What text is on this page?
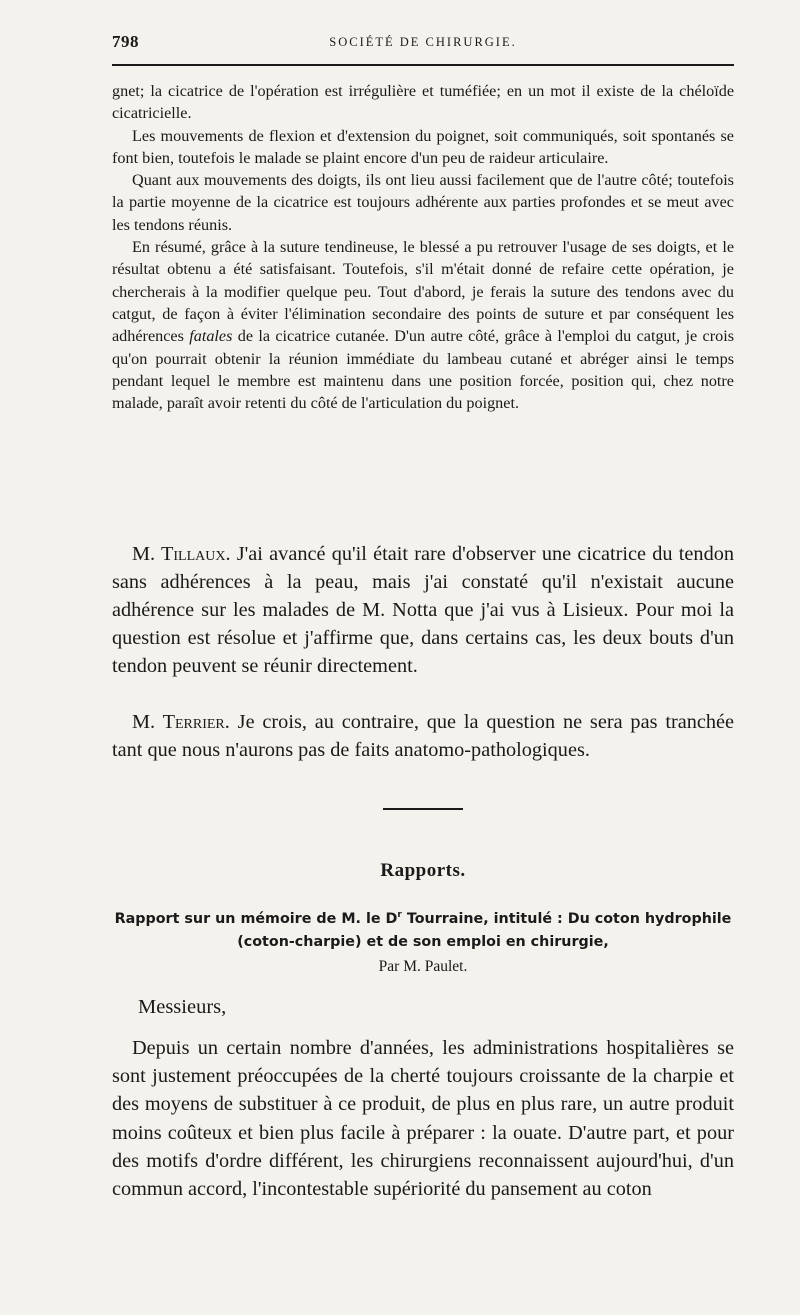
798	SOCIÉTÉ DE CHIRURGIE.

gnet; la cicatrice de l'opération est irrégulière et tuméfiée; en un mot il existe de la chéloïde cicatricielle.

Les mouvements de flexion et d'extension du poignet, soit communiqués, soit spontanés se font bien, toutefois le malade se plaint encore d'un peu de raideur articulaire.

Quant aux mouvements des doigts, ils ont lieu aussi facilement que de l'autre côté; toutefois la partie moyenne de la cicatrice est toujours adhérente aux parties profondes et se meut avec les tendons réunis.

En résumé, grâce à la suture tendineuse, le blessé a pu retrouver l'usage de ses doigts, et le résultat obtenu a été satisfaisant. Toutefois, s'il m'était donné de refaire cette opération, je chercherais à la modifier quelque peu. Tout d'abord, je ferais la suture des tendons avec du catgut, de façon à éviter l'élimination secondaire des points de suture et par conséquent les adhérences fatales de la cicatrice cutanée. D'un autre côté, grâce à l'emploi du catgut, je crois qu'on pourrait obtenir la réunion immédiate du lambeau cutané et abréger ainsi le temps pendant lequel le membre est maintenu dans une position forcée, position qui, chez notre malade, paraît avoir retenti du côté de l'articulation du poignet.

M. Tillaux. J'ai avancé qu'il était rare d'observer une cicatrice du tendon sans adhérences à la peau, mais j'ai constaté qu'il n'existait aucune adhérence sur les malades de M. Notta que j'ai vus à Lisieux. Pour moi la question est résolue et j'affirme que, dans certains cas, les deux bouts d'un tendon peuvent se réunir directement.

M. Terrier. Je crois, au contraire, que la question ne sera pas tranchée tant que nous n'aurons pas de faits anatomo-pathologiques.

Rapports.
Rapport sur un mémoire de M. le $D^r$ Tourraine, intitulé : Du coton hydrophile (coton-charpie) et de son emploi en chirurgie,
Par M. Paulet.
Messieurs,

Depuis un certain nombre d'années, les administrations hospitalières se sont justement préoccupées de la cherté toujours croissante de la charpie et des moyens de substituer à ce produit, de plus en plus rare, un autre produit moins coûteux et bien plus facile à préparer : la ouate. D'autre part, et pour des motifs d'ordre différent, les chirurgiens reconnaissent aujourd'hui, d'un commun accord, l'incontestable supériorité du pansement au coton
